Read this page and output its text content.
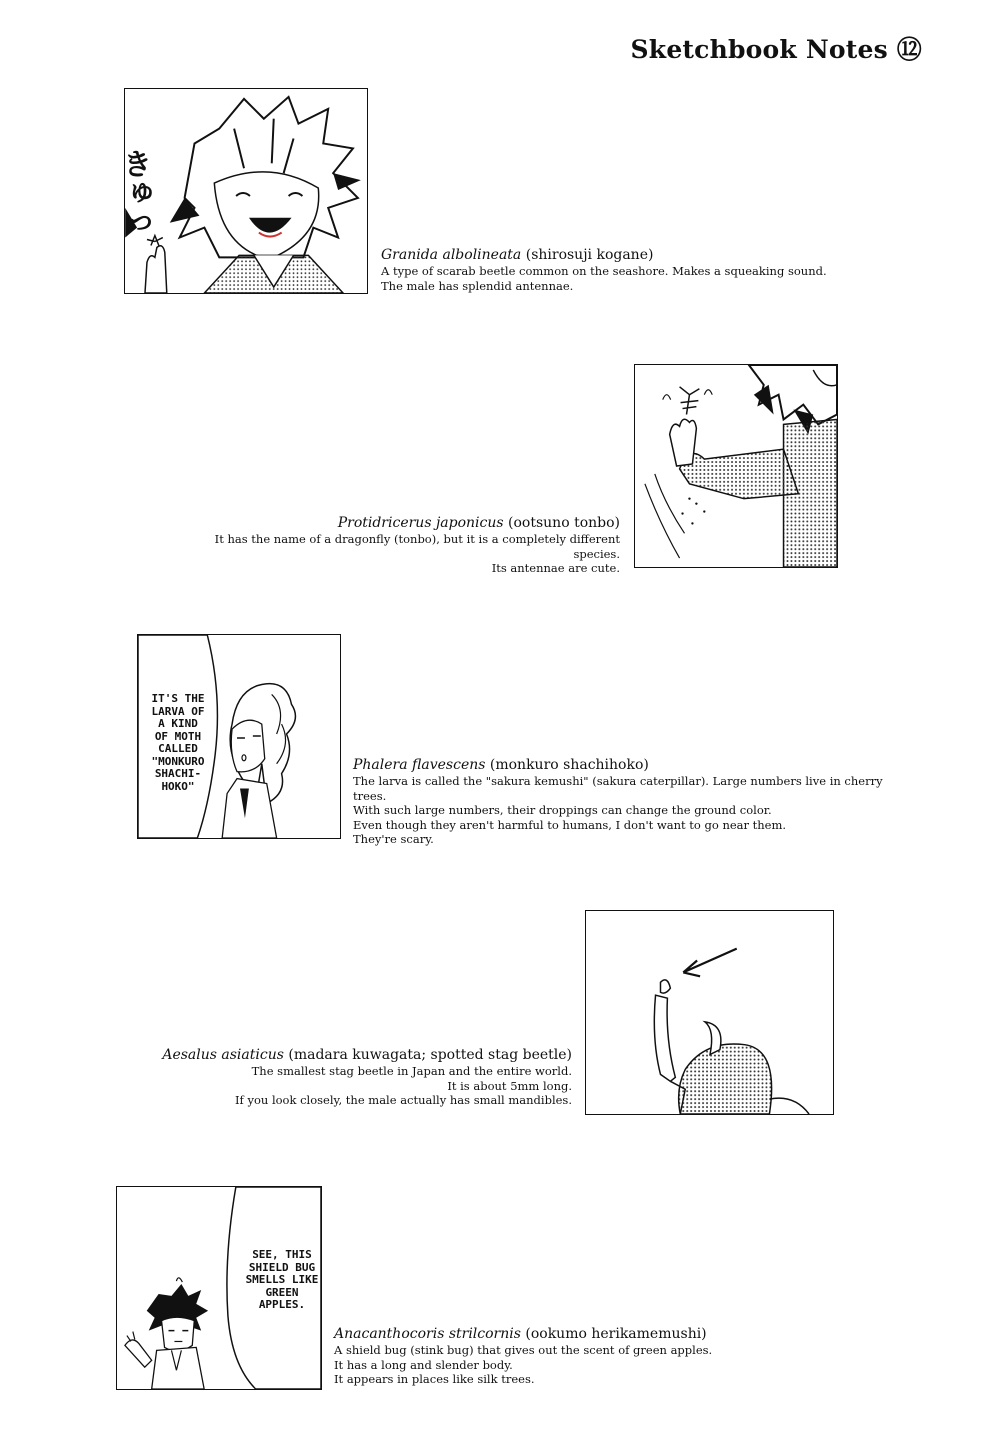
Sketchbook Notes ⑫
きゅっ
Granida albolineata (shirosuji kogane)

A type of scarab beetle common on the seashore. Makes a squeaking sound.

The male has splendid antennae.

Protidricerus japonicus (ootsuno tonbo)

It has the name of a dragonfly (tonbo), but it is a completely different species.

Its antennae are cute.

IT'S THE
LARVA OF
A KIND
OF MOTH
CALLED
"MONKURO
SHACHI-
HOKO"
Phalera flavescens (monkuro shachihoko)

The larva is called the "sakura kemushi" (sakura caterpillar). Large numbers live in cherry trees.

With such large numbers, their droppings can change the ground color.

Even though they aren't harmful to humans, I don't want to go near them.

They're scary.

Aesalus asiaticus (madara kuwagata; spotted stag beetle)

The smallest stag beetle in Japan and the entire world.

It is about 5mm long.

If you look closely, the male actually has small mandibles.

SEE, THIS
SHIELD BUG
SMELLS LIKE
GREEN
APPLES.
Anacanthocoris strilcornis (ookumo herikamemushi)

A shield bug (stink bug) that gives out the scent of green apples.

It has a long and slender body.

It appears in places like silk trees.
